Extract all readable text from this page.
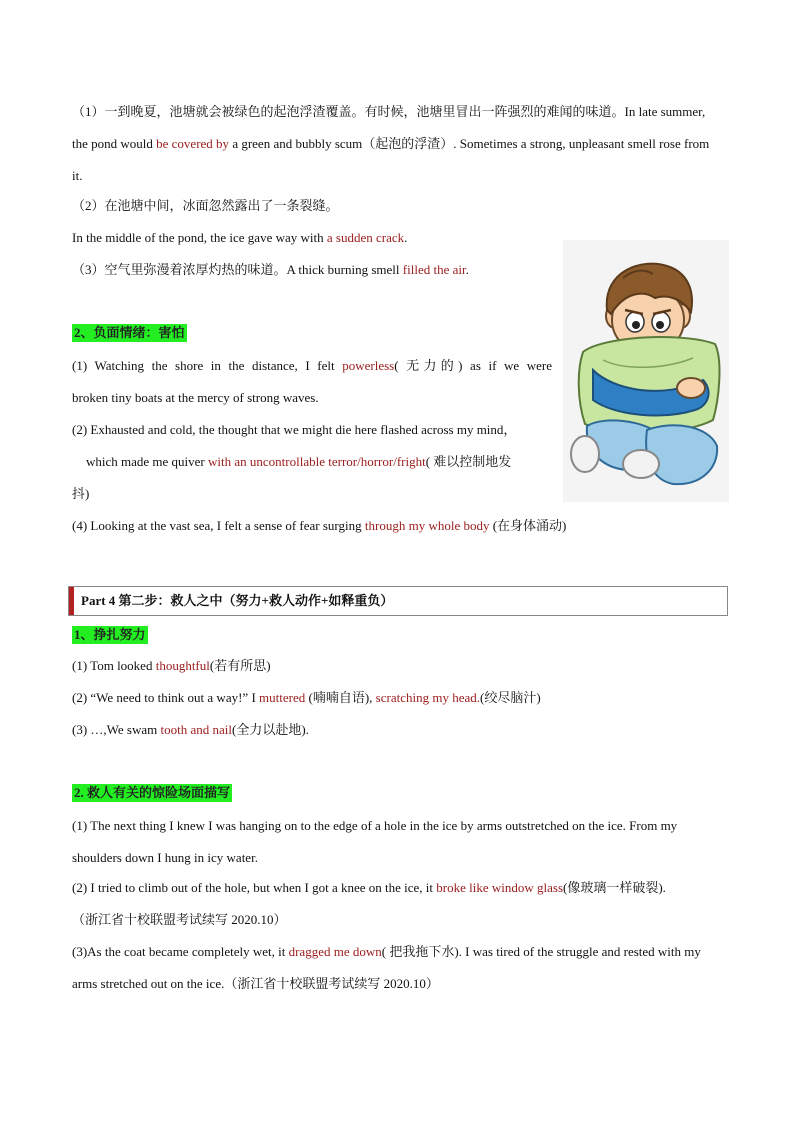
（1）一到晚夏，池塘就会被绿色的起泡浮渣覆盖。有时候，池塘里冒出一阵强烈的难闻的味道。In late summer, the pond would be covered by a green and bubbly scum（起泡的浮渣）. Sometimes a strong, unpleasant smell rose from it.

（2）在池塘中间，冰面忽然露出了一条裂缝。

In the middle of the pond, the ice gave way with a sudden crack.

（3）空气里弥漫着浓厚灼热的味道。A thick burning smell filled the air.

2、负面情绪：害怕

(1) Watching the shore in the distance, I felt powerless( 无力的) as if we were

broken tiny boats at the mercy of strong waves.

(2) Exhausted and cold, the thought that we might die here flashed across my mind，

which made me quiver with an uncontrollable terror/horror/fright( 难以控制地发

抖)

(4) Looking at the vast sea, I felt a sense of fear surging through my whole body (在身体涌动)

Part 4 第二步：救人之中（努力+救人动作+如释重负）
1、挣扎努力

(1) Tom looked thoughtful(若有所思)

(2) “We need to think out a way!” I muttered (喃喃自语), scratching my head.(绞尽脑汁)

(3) …,We swam tooth and nail(全力以赴地).

2. 救人有关的惊险场面描写

(1) The next thing I knew I was hanging on to the edge of a hole in the ice by arms outstretched on the ice. From my shoulders down I hung in icy water.

(2) I tried to climb out of the hole, but when I got a knee on the ice, it broke like window glass(像玻璃一样破裂).

（浙江省十校联盟考试续写 2020.10）

(3)As the coat became completely wet, it dragged me down( 把我拖下水). I was tired of the struggle and rested with my arms stretched out on the ice.（浙江省十校联盟考试续写 2020.10）
